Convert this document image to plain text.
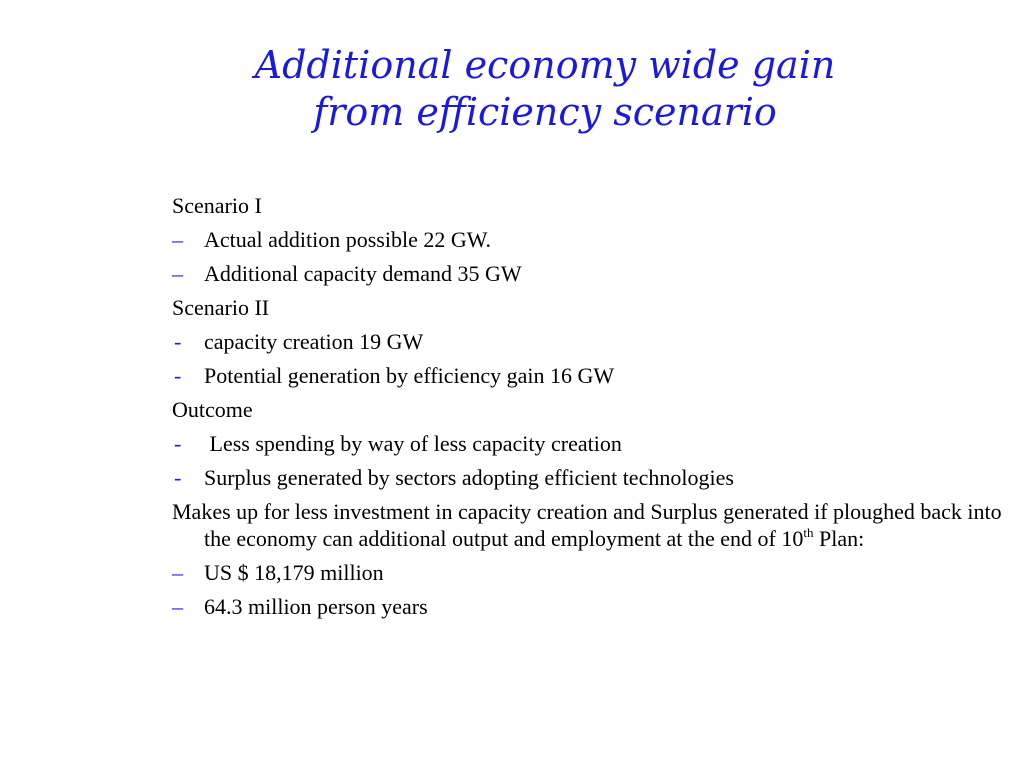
Additional economy wide gain
from efficiency scenario
Scenario I
– Actual addition possible 22 GW.
– Additional capacity demand 35 GW
Scenario II
-	capacity creation 19 GW
-	Potential generation by efficiency gain 16 GW
Outcome
-	Less spending by way of less capacity creation
-	Surplus generated by sectors adopting efficient technologies
Makes up for less investment in capacity creation and Surplus generated if ploughed back into the economy can additional output and employment at the end of 10th Plan:
– US $ 18,179 million
– 64.3 million person years
